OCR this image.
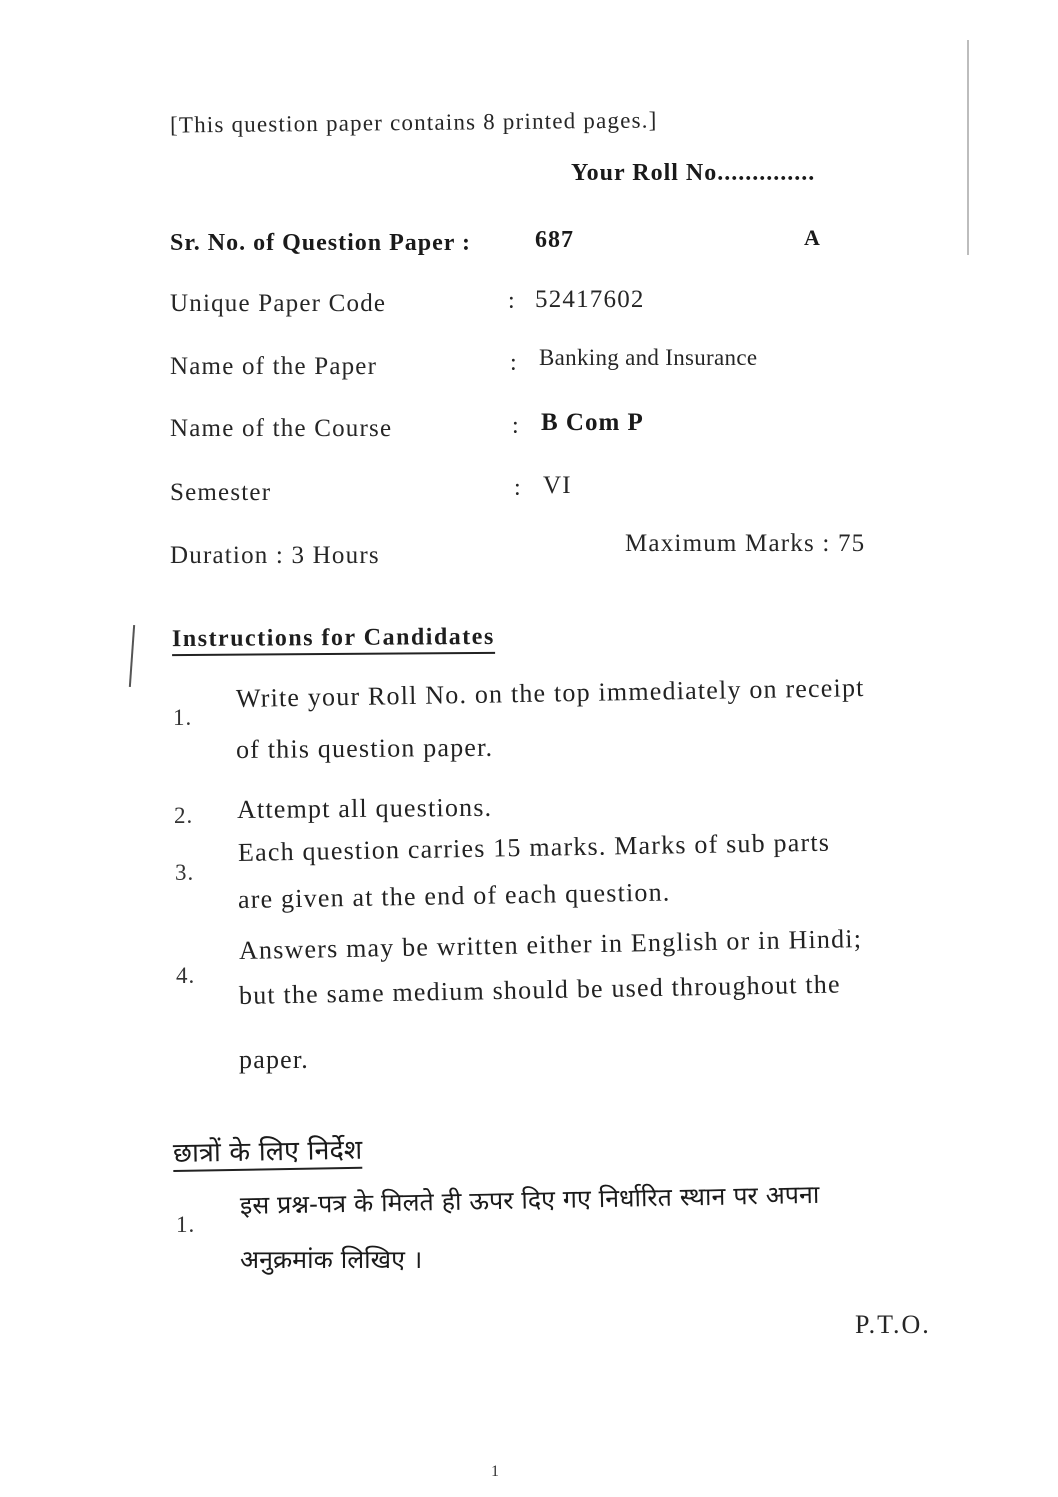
[This question paper contains 8 printed pages.]
Your Roll No..............
Sr. No. of Question Paper :	687	A
Unique Paper Code	: 52417602
Name of the Paper	: Banking and Insurance
Name of the Course	: B Com P
Semester	: VI
Duration : 3 Hours	Maximum Marks : 75
Instructions for Candidates
1.
Write your Roll No. on the top immediately on receipt
of this question paper.
2. Attempt all questions.
3.
Each question carries 15 marks. Marks of sub parts
are given at the end of each question.
4.
Answers may be written either in English or in Hindi;
but the same medium should be used throughout the
paper.
छात्रों के लिए निर्देश
1.
इस प्रश्न-पत्र के मिलते ही ऊपर दिए गए निर्धारित स्थान पर अपना
अनुक्रमांक लिखिए ।
P.T.O.
1
